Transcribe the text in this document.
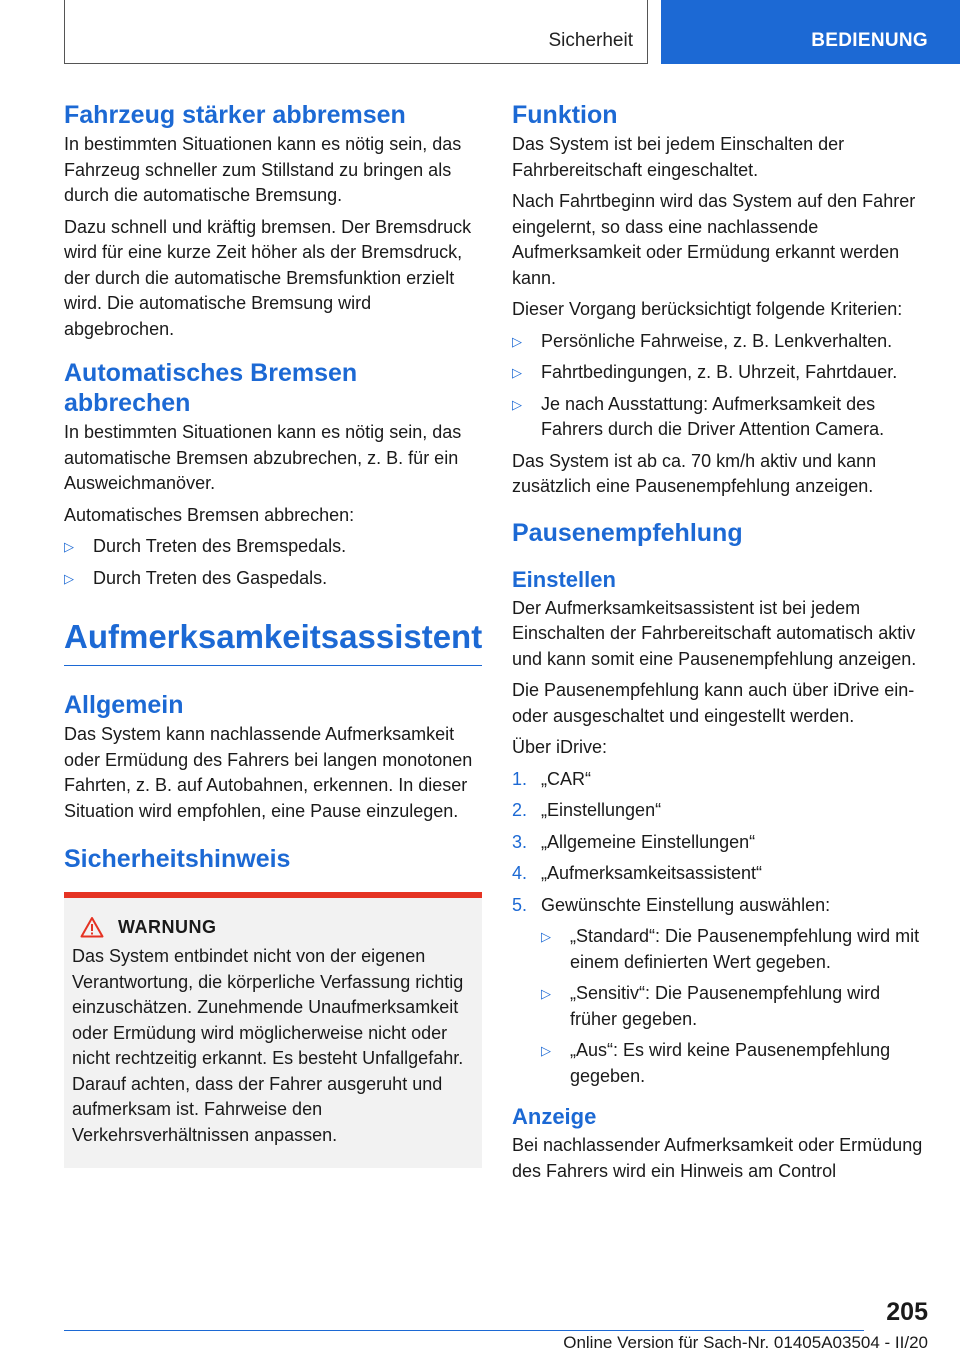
Sicherheit	BEDIENUNG
Fahrzeug stärker abbremsen

In bestimmten Situationen kann es nötig sein, das Fahrzeug schneller zum Stillstand zu bringen als durch die automatische Bremsung.

Dazu schnell und kräftig bremsen. Der Bremsdruck wird für eine kurze Zeit höher als der Bremsdruck, der durch die automatische Bremsfunktion erzielt wird. Die automatische Bremsung wird abgebrochen.

Automatisches Bremsen abbrechen

In bestimmten Situationen kann es nötig sein, das automatische Bremsen abzubrechen, z. B. für ein Ausweichmanöver.

Automatisches Bremsen abbrechen:

▷ Durch Treten des Bremspedals.
▷ Durch Treten des Gaspedals.
Aufmerksamkeitsassistent
Allgemein

Das System kann nachlassende Aufmerksamkeit oder Ermüdung des Fahrers bei langen monotonen Fahrten, z. B. auf Autobahnen, erkennen. In dieser Situation wird empfohlen, eine Pause einzulegen.

Sicherheitshinweis
WARNUNG

Das System entbindet nicht von der eigenen Verantwortung, die körperliche Verfassung richtig einzuschätzen. Zunehmende Unaufmerksamkeit oder Ermüdung wird möglicherweise nicht oder nicht rechtzeitig erkannt. Es besteht Unfallgefahr. Darauf achten, dass der Fahrer ausgeruht und aufmerksam ist. Fahrweise den Verkehrsverhältnissen anpassen.

Funktion

Das System ist bei jedem Einschalten der Fahrbereitschaft eingeschaltet.

Nach Fahrtbeginn wird das System auf den Fahrer eingelernt, so dass eine nachlassende Aufmerksamkeit oder Ermüdung erkannt werden kann.

Dieser Vorgang berücksichtigt folgende Kriterien:

▷ Persönliche Fahrweise, z. B. Lenkverhalten.
▷ Fahrtbedingungen, z. B. Uhrzeit, Fahrtdauer.
▷ Je nach Ausstattung: Aufmerksamkeit des Fahrers durch die Driver Attention Camera.

Das System ist ab ca. 70 km/h aktiv und kann zusätzlich eine Pausenempfehlung anzeigen.

Pausenempfehlung
Einstellen

Der Aufmerksamkeitsassistent ist bei jedem Einschalten der Fahrbereitschaft automatisch aktiv und kann somit eine Pausenempfehlung anzeigen.

Die Pausenempfehlung kann auch über iDrive ein- oder ausgeschaltet und eingestellt werden.

Über iDrive:

1. „CAR“
2. „Einstellungen“
3. „Allgemeine Einstellungen“
4. „Aufmerksamkeitsassistent“
5. Gewünschte Einstellung auswählen:
▷ „Standard“: Die Pausenempfehlung wird mit einem definierten Wert gegeben.
▷ „Sensitiv“: Die Pausenempfehlung wird früher gegeben.
▷ „Aus“: Es wird keine Pausenempfehlung gegeben.
Anzeige

Bei nachlassender Aufmerksamkeit oder Ermüdung des Fahrers wird ein Hinweis am Control

205
Online Version für Sach-Nr. 01405A03504 - II/20
